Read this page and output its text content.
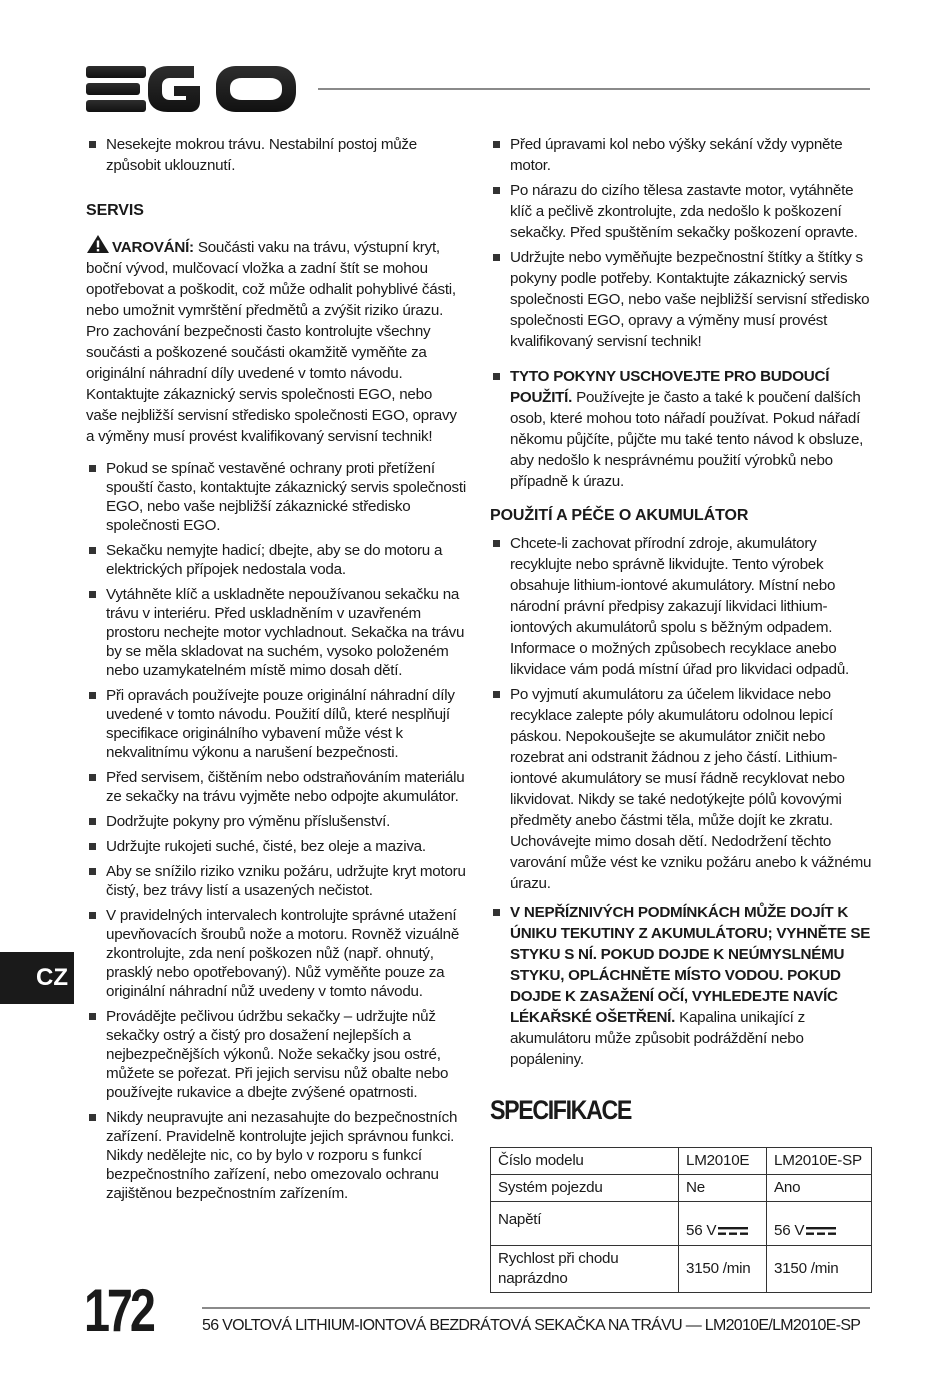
Nesekejte mokrou trávu. Nestabilní postoj může způsobit uklouznutí.
SERVIS

VAROVÁNÍ: Součásti vaku na trávu, výstupní kryt, boční vývod, mulčovací vložka a zadní štít se mohou opotřebovat a poškodit, což může odhalit pohyblivé části, nebo umožnit vymrštění předmětů a zvýšit riziko úrazu. Pro zachování bezpečnosti často kontrolujte všechny součásti a poškozené součásti okamžitě vyměňte za originální náhradní díly uvedené v tomto návodu. Kontaktujte zákaznický servis společnosti EGO, nebo vaše nejbližší servisní středisko společnosti EGO, opravy a výměny musí provést kvalifikovaný servisní technik!

Pokud se spínač vestavěné ochrany proti přetížení spouští často, kontaktujte zákaznický servis společnosti EGO, nebo vaše nejbližší zákaznické středisko společnosti EGO.
Sekačku nemyjte hadicí; dbejte, aby se do motoru a elektrických přípojek nedostala voda.
Vytáhněte klíč a uskladněte nepoužívanou sekačku na trávu v interiéru. Před uskladněním v uzavřeném prostoru nechejte motor vychladnout. Sekačka na trávu by se měla skladovat na suchém, vysoko položeném nebo uzamykatelném místě mimo dosah dětí.
Při opravách používejte pouze originální náhradní díly uvedené v tomto návodu. Použití dílů, které nesplňují specifikace originálního vybavení může vést k nekvalitnímu výkonu a narušení bezpečnosti.
Před servisem, čištěním nebo odstraňováním materiálu ze sekačky na trávu vyjměte nebo odpojte akumulátor.
Dodržujte pokyny pro výměnu příslušenství.
Udržujte rukojeti suché, čisté, bez oleje a maziva.
Aby se snížilo riziko vzniku požáru, udržujte kryt motoru čistý, bez trávy listí a usazených nečistot.
V pravidelných intervalech kontrolujte správné utažení upevňovacích šroubů nože a motoru. Rovněž vizuálně zkontrolujte, zda není poškozen nůž (např. ohnutý, prasklý nebo opotřebovaný). Nůž vyměňte pouze za originální náhradní nůž uvedeny v tomto návodu.
Provádějte pečlivou údržbu sekačky – udržujte nůž sekačky ostrý a čistý pro dosažení nejlepších a nejbezpečnějších výkonů. Nože sekačky jsou ostré, můžete se pořezat. Při jejich servisu nůž obalte nebo používejte rukavice a dbejte zvýšené opatrnosti.
Nikdy neupravujte ani nezasahujte do bezpečnostních zařízení. Pravidelně kontrolujte jejich správnou funkci. Nikdy nedělejte nic, co by bylo v rozporu s funkcí bezpečnostního zařízení, nebo omezovalo ochranu zajištěnou bezpečnostním zařízením.
Před úpravami kol nebo výšky sekání vždy vypněte motor.
Po nárazu do cizího tělesa zastavte motor, vytáhněte klíč a pečlivě zkontrolujte, zda nedošlo k poškození sekačky. Před spuštěním sekačky poškození opravte.
Udržujte nebo vyměňujte bezpečnostní štítky a štítky s pokyny podle potřeby. Kontaktujte zákaznický servis společnosti EGO, nebo vaše nejbližší servisní středisko společnosti EGO, opravy a výměny musí provést kvalifikovaný servisní technik!
TYTO POKYNY USCHOVEJTE PRO BUDOUCÍ POUŽITÍ. Používejte je často a také k poučení dalších osob, které mohou toto nářadí používat. Pokud nářadí někomu půjčíte, půjčte mu také tento návod k obsluze, aby nedošlo k nesprávnému použití výrobků nebo případně k úrazu.
POUŽITÍ A PÉČE O AKUMULÁTOR
Chcete-li zachovat přírodní zdroje, akumulátory recyklujte nebo správně likvidujte. Tento výrobek obsahuje lithium-iontové akumulátory. Místní nebo národní právní předpisy zakazují likvidaci lithium-iontových akumulátorů spolu s běžným odpadem. Informace o možných způsobech recyklace anebo likvidace vám podá místní úřad pro likvidaci odpadů.
Po vyjmutí akumulátoru za účelem likvidace nebo recyklace zalepte póly akumulátoru odolnou lepicí páskou. Nepokoušejte se akumulátor zničit nebo rozebrat ani odstranit žádnou z jeho částí. Lithium-iontové akumulátory se musí řádně recyklovat nebo likvidovat. Nikdy se také nedotýkejte pólů kovovými předměty anebo částmi těla, může dojít ke zkratu. Uchovávejte mimo dosah dětí. Nedodržení těchto varování může vést ke vzniku požáru anebo k vážnému úrazu.
V NEPŘÍZNIVÝCH PODMÍNKÁCH MŮŽE DOJÍT K ÚNIKU TEKUTINY Z AKUMULÁTORU; VYHNĚTE SE STYKU S NÍ. POKUD DOJDE K NEÚMYSLNÉMU STYKU, OPLÁCHNĚTE MÍSTO VODOU. POKUD DOJDE K ZASAŽENÍ OČÍ, VYHLEDEJTE NAVÍC LÉKAŘSKÉ OŠETŘENÍ. Kapalina unikající z akumulátoru může způsobit podráždění nebo popáleniny.
CZ
SPECIFIKACE
Číslo modelu	LM2010E	LM2010E-SP
Systém pojezdu	Ne	Ano
Napětí	56 V	56 V
Rychlost při chodu naprázdno	3150 /min	3150 /min
172	56 VOLTOVÁ LITHIUM-IONTOVÁ BEZDRÁTOVÁ SEKAČKA NA TRÁVU — LM2010E/LM2010E-SP
